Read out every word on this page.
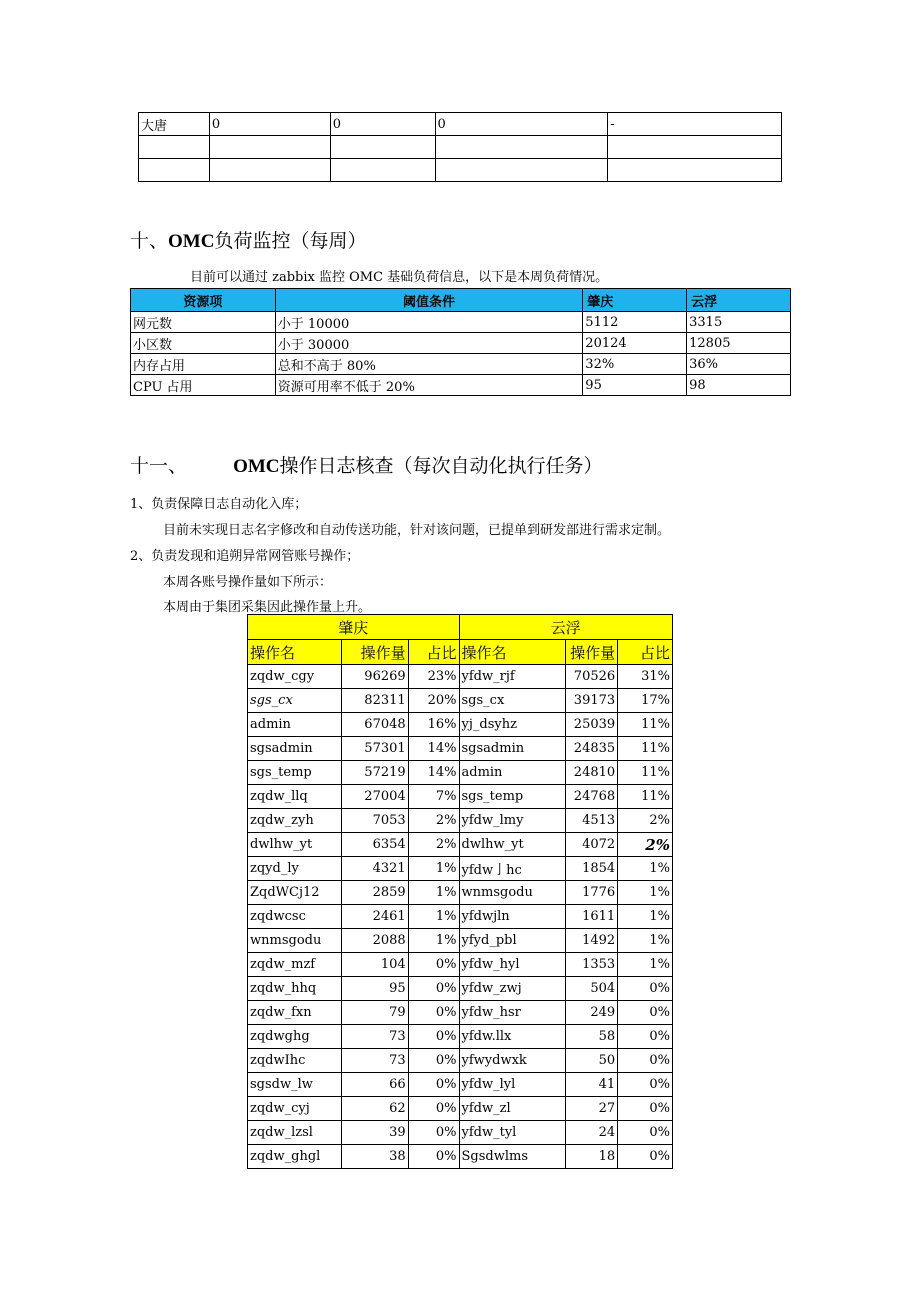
大唐	0	0	0	-

十、OMC负荷监控（每周）
目前可以通过 zabbix 监控 OMC 基础负荷信息，以下是本周负荷情况。
资源项	阈值条件	肇庆	云浮
网元数	小于 10000	5112	3315
小区数	小于 30000	20124	12805
内存占用	总和不高于 80%	32%	36%
CPU 占用	资源可用率不低于 20%	95	98
十一、 OMC操作日志核查（每次自动化执行任务）
1、负责保障日志自动化入库；
目前未实现日志名字修改和自动传送功能，针对该问题，已提单到研发部进行需求定制。
2、负责发现和追朔异常网管账号操作；
本周各账号操作量如下所示：
本周由于集团采集因此操作量上升。
肇庆			云浮		
操作名	操作量	占比	操作名	操作量	占比
zqdw_cgy	96269	23%	yfdw_rjf	70526	31%
sgs_cx	82311	20%	sgs_cx	39173	17%
admin	67048	16%	yj_dsyhz	25039	11%
sgsadmin	57301	14%	sgsadmin	24835	11%
sgs_temp	57219	14%	admin	24810	11%
zqdw_llq	27004	7%	sgs_temp	24768	11%
zqdw_zyh	7053	2%	yfdw_lmy	4513	2%
dwlhw_yt	6354	2%	dwlhw_yt	4072	2%
zqyd_ly	4321	1%	yfdw亅hc	1854	1%
ZqdWCj12	2859	1%	wnmsgodu	1776	1%
zqdwcsc	2461	1%	yfdwjln	1611	1%
wnmsgodu	2088	1%	yfyd_pbl	1492	1%
zqdw_mzf	104	0%	yfdw_hyl	1353	1%
zqdw_hhq	95	0%	yfdw_zwj	504	0%
zqdw_fxn	79	0%	yfdw_hsr	249	0%
zqdwghg	73	0%	yfdw.llx	58	0%
zqdwIhc	73	0%	yfwydwxk	50	0%
sgsdw_lw	66	0%	yfdw_lyl	41	0%
zqdw_cyj	62	0%	yfdw_zl	27	0%
zqdw_lzsl	39	0%	yfdw_tyl	24	0%
zqdw_ghgl	38	0%	Sgsdwlms	18	0%
